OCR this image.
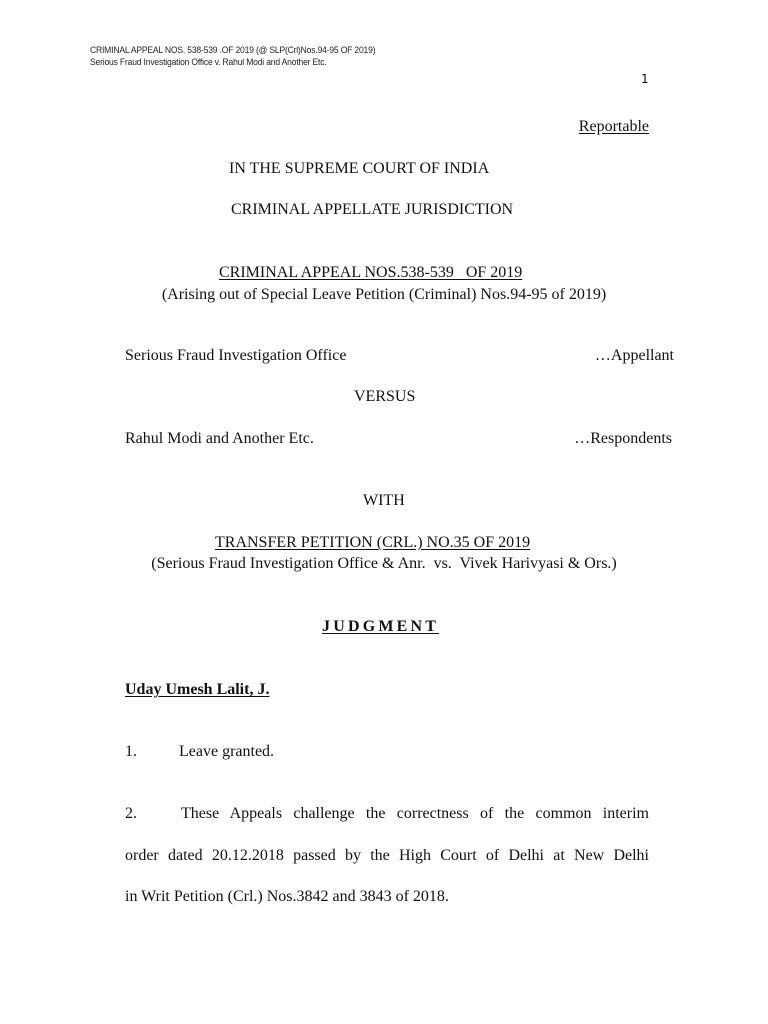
CRIMINAL APPEAL NOS. 538-539 .OF 2019 (@ SLP(Crl)Nos.94-95 OF 2019)
Serious Fraud Investigation Office v. Rahul Modi and Another Etc.
1
Reportable
IN THE SUPREME COURT OF INDIA
CRIMINAL APPELLATE JURISDICTION
CRIMINAL APPEAL NOS.538-539   OF 2019
(Arising out of Special Leave Petition (Criminal) Nos.94-95 of 2019)
Serious Fraud Investigation Office	…Appellant
VERSUS
Rahul Modi and Another Etc.	…Respondents
WITH
TRANSFER PETITION (CRL.) NO.35 OF 2019
(Serious Fraud Investigation Office & Anr.  vs.  Vivek Harivyasi & Ors.)
JUDGMENT
Uday Umesh Lalit, J.
1.	Leave granted.
2.	These Appeals challenge the correctness of the common interim
order dated 20.12.2018 passed by the High Court of Delhi at New Delhi
in Writ Petition (Crl.) Nos.3842 and 3843 of 2018.
